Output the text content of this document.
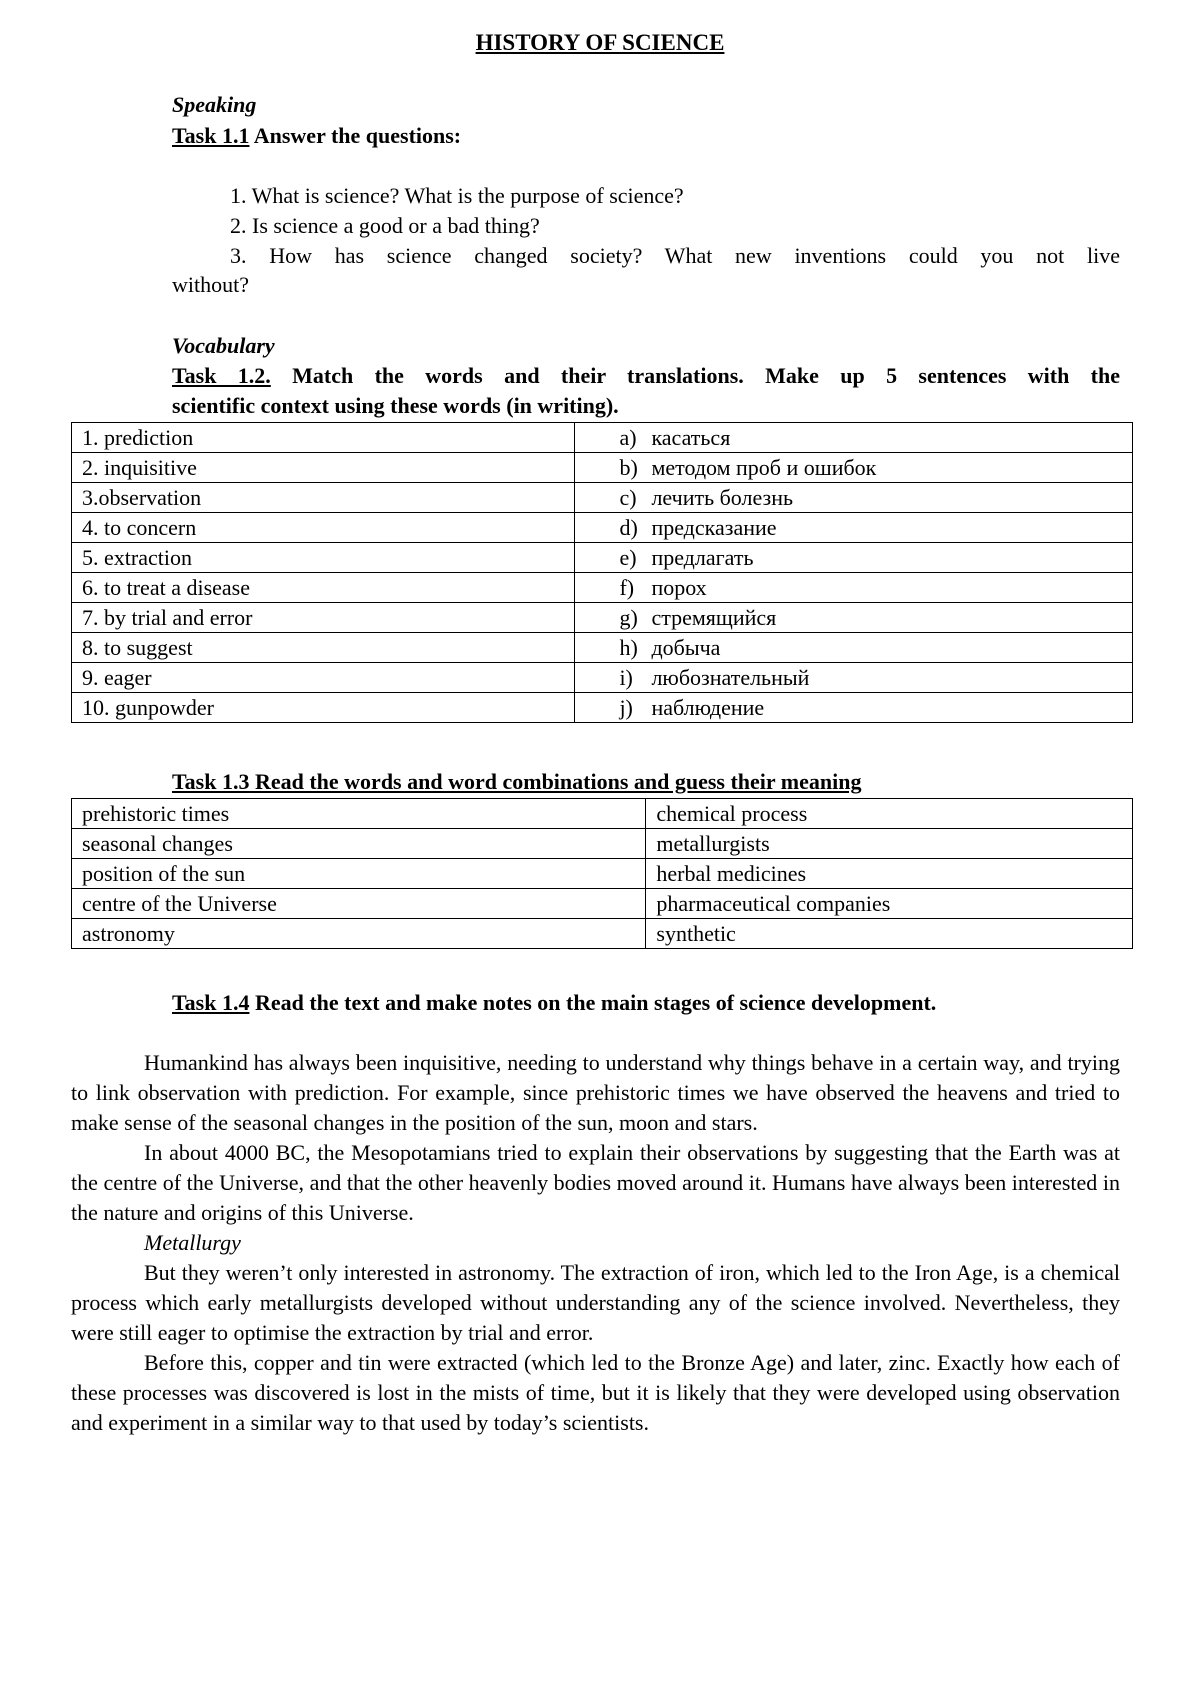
HISTORY OF SCIENCE
Speaking
Task 1.1 Answer the questions:
1. What is science? What is the purpose of science?
2. Is science a good or a bad thing?
3. How has science changed society? What new inventions could you not live
without?
Vocabulary
Task 1.2. Match the words and their translations. Make up 5 sentences with the
scientific context using these words (in writing).
1. prediction	a) касаться
2. inquisitive	b) методом проб и ошибок
3.observation	c) лечить болезнь
4. to concern	d) предсказание
5. extraction	e) предлагать
6. to treat a disease	f) порох
7. by trial and error	g) стремящийся
8. to suggest	h) добыча
9. eager	i) любознательный
10. gunpowder	j) наблюдение
Task 1.3 Read the words and word combinations and guess their meaning
prehistoric times	chemical process
seasonal changes	metallurgists
position of the sun	herbal medicines
centre of the Universe	pharmaceutical companies
astronomy	synthetic
Task 1.4 Read the text and make notes on the main stages of science development.

Humankind has always been inquisitive, needing to understand why things behave in a certain way, and trying to link observation with prediction. For example, since prehistoric times we have observed the heavens and tried to make sense of the seasonal changes in the position of the sun, moon and stars.

In about 4000 BC, the Mesopotamians tried to explain their observations by suggesting that the Earth was at the centre of the Universe, and that the other heavenly bodies moved around it. Humans have always been interested in the nature and origins of this Universe.

Metallurgy

But they weren’t only interested in astronomy. The extraction of iron, which led to the Iron Age, is a chemical process which early metallurgists developed without understanding any of the science involved. Nevertheless, they were still eager to optimise the extraction by trial and error.

Before this, copper and tin were extracted (which led to the Bronze Age) and later, zinc. Exactly how each of these processes was discovered is lost in the mists of time, but it is likely that they were developed using observation and experiment in a similar way to that used by today’s scientists.
